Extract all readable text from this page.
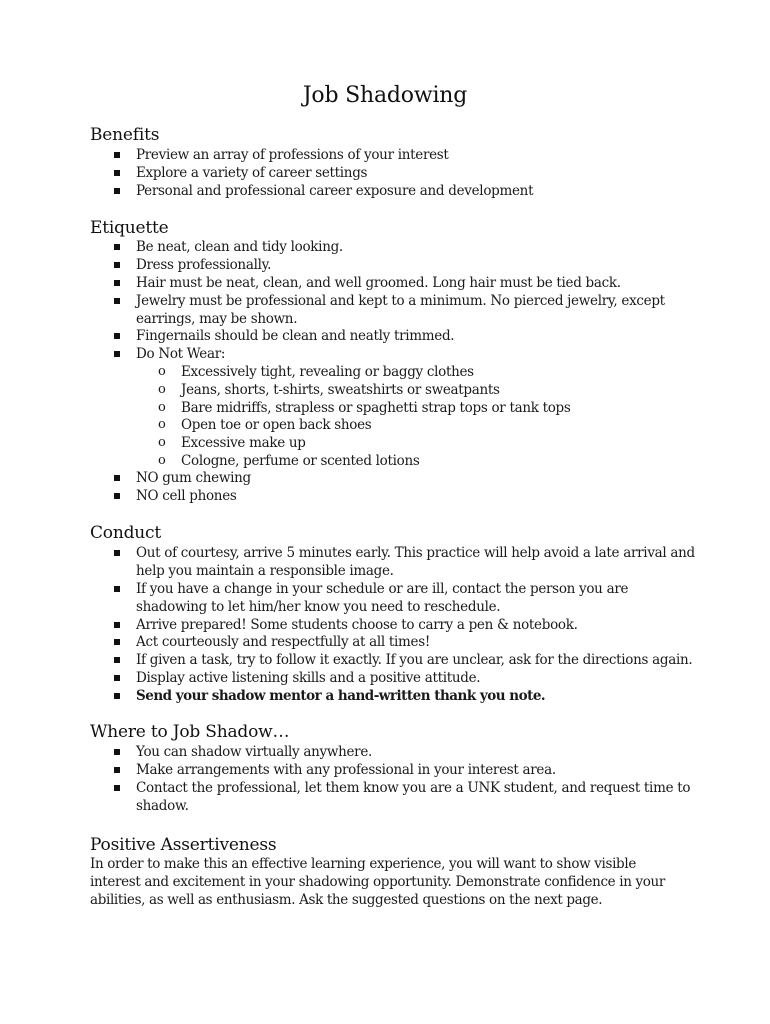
Job Shadowing
Benefits
Preview an array of professions of your interest
Explore a variety of career settings
Personal and professional career exposure and development
Etiquette
Be neat, clean and tidy looking.
Dress professionally.
Hair must be neat, clean, and well groomed. Long hair must be tied back.
Jewelry must be professional and kept to a minimum. No pierced jewelry, except earrings, may be shown.
Fingernails should be clean and neatly trimmed.
Do Not Wear:
o Excessively tight, revealing or baggy clothes
o Jeans, shorts, t-shirts, sweatshirts or sweatpants
o Bare midriffs, strapless or spaghetti strap tops or tank tops
o Open toe or open back shoes
o Excessive make up
o Cologne, perfume or scented lotions
NO gum chewing
NO cell phones
Conduct
Out of courtesy, arrive 5 minutes early. This practice will help avoid a late arrival and help you maintain a responsible image.
If you have a change in your schedule or are ill, contact the person you are shadowing to let him/her know you need to reschedule.
Arrive prepared! Some students choose to carry a pen & notebook.
Act courteously and respectfully at all times!
If given a task, try to follow it exactly. If you are unclear, ask for the directions again.
Display active listening skills and a positive attitude.
Send your shadow mentor a hand-written thank you note.
Where to Job Shadow…
You can shadow virtually anywhere.
Make arrangements with any professional in your interest area.
Contact the professional, let them know you are a UNK student, and request time to shadow.
Positive Assertiveness
In order to make this an effective learning experience, you will want to show visible interest and excitement in your shadowing opportunity. Demonstrate confidence in your abilities, as well as enthusiasm. Ask the suggested questions on the next page.
